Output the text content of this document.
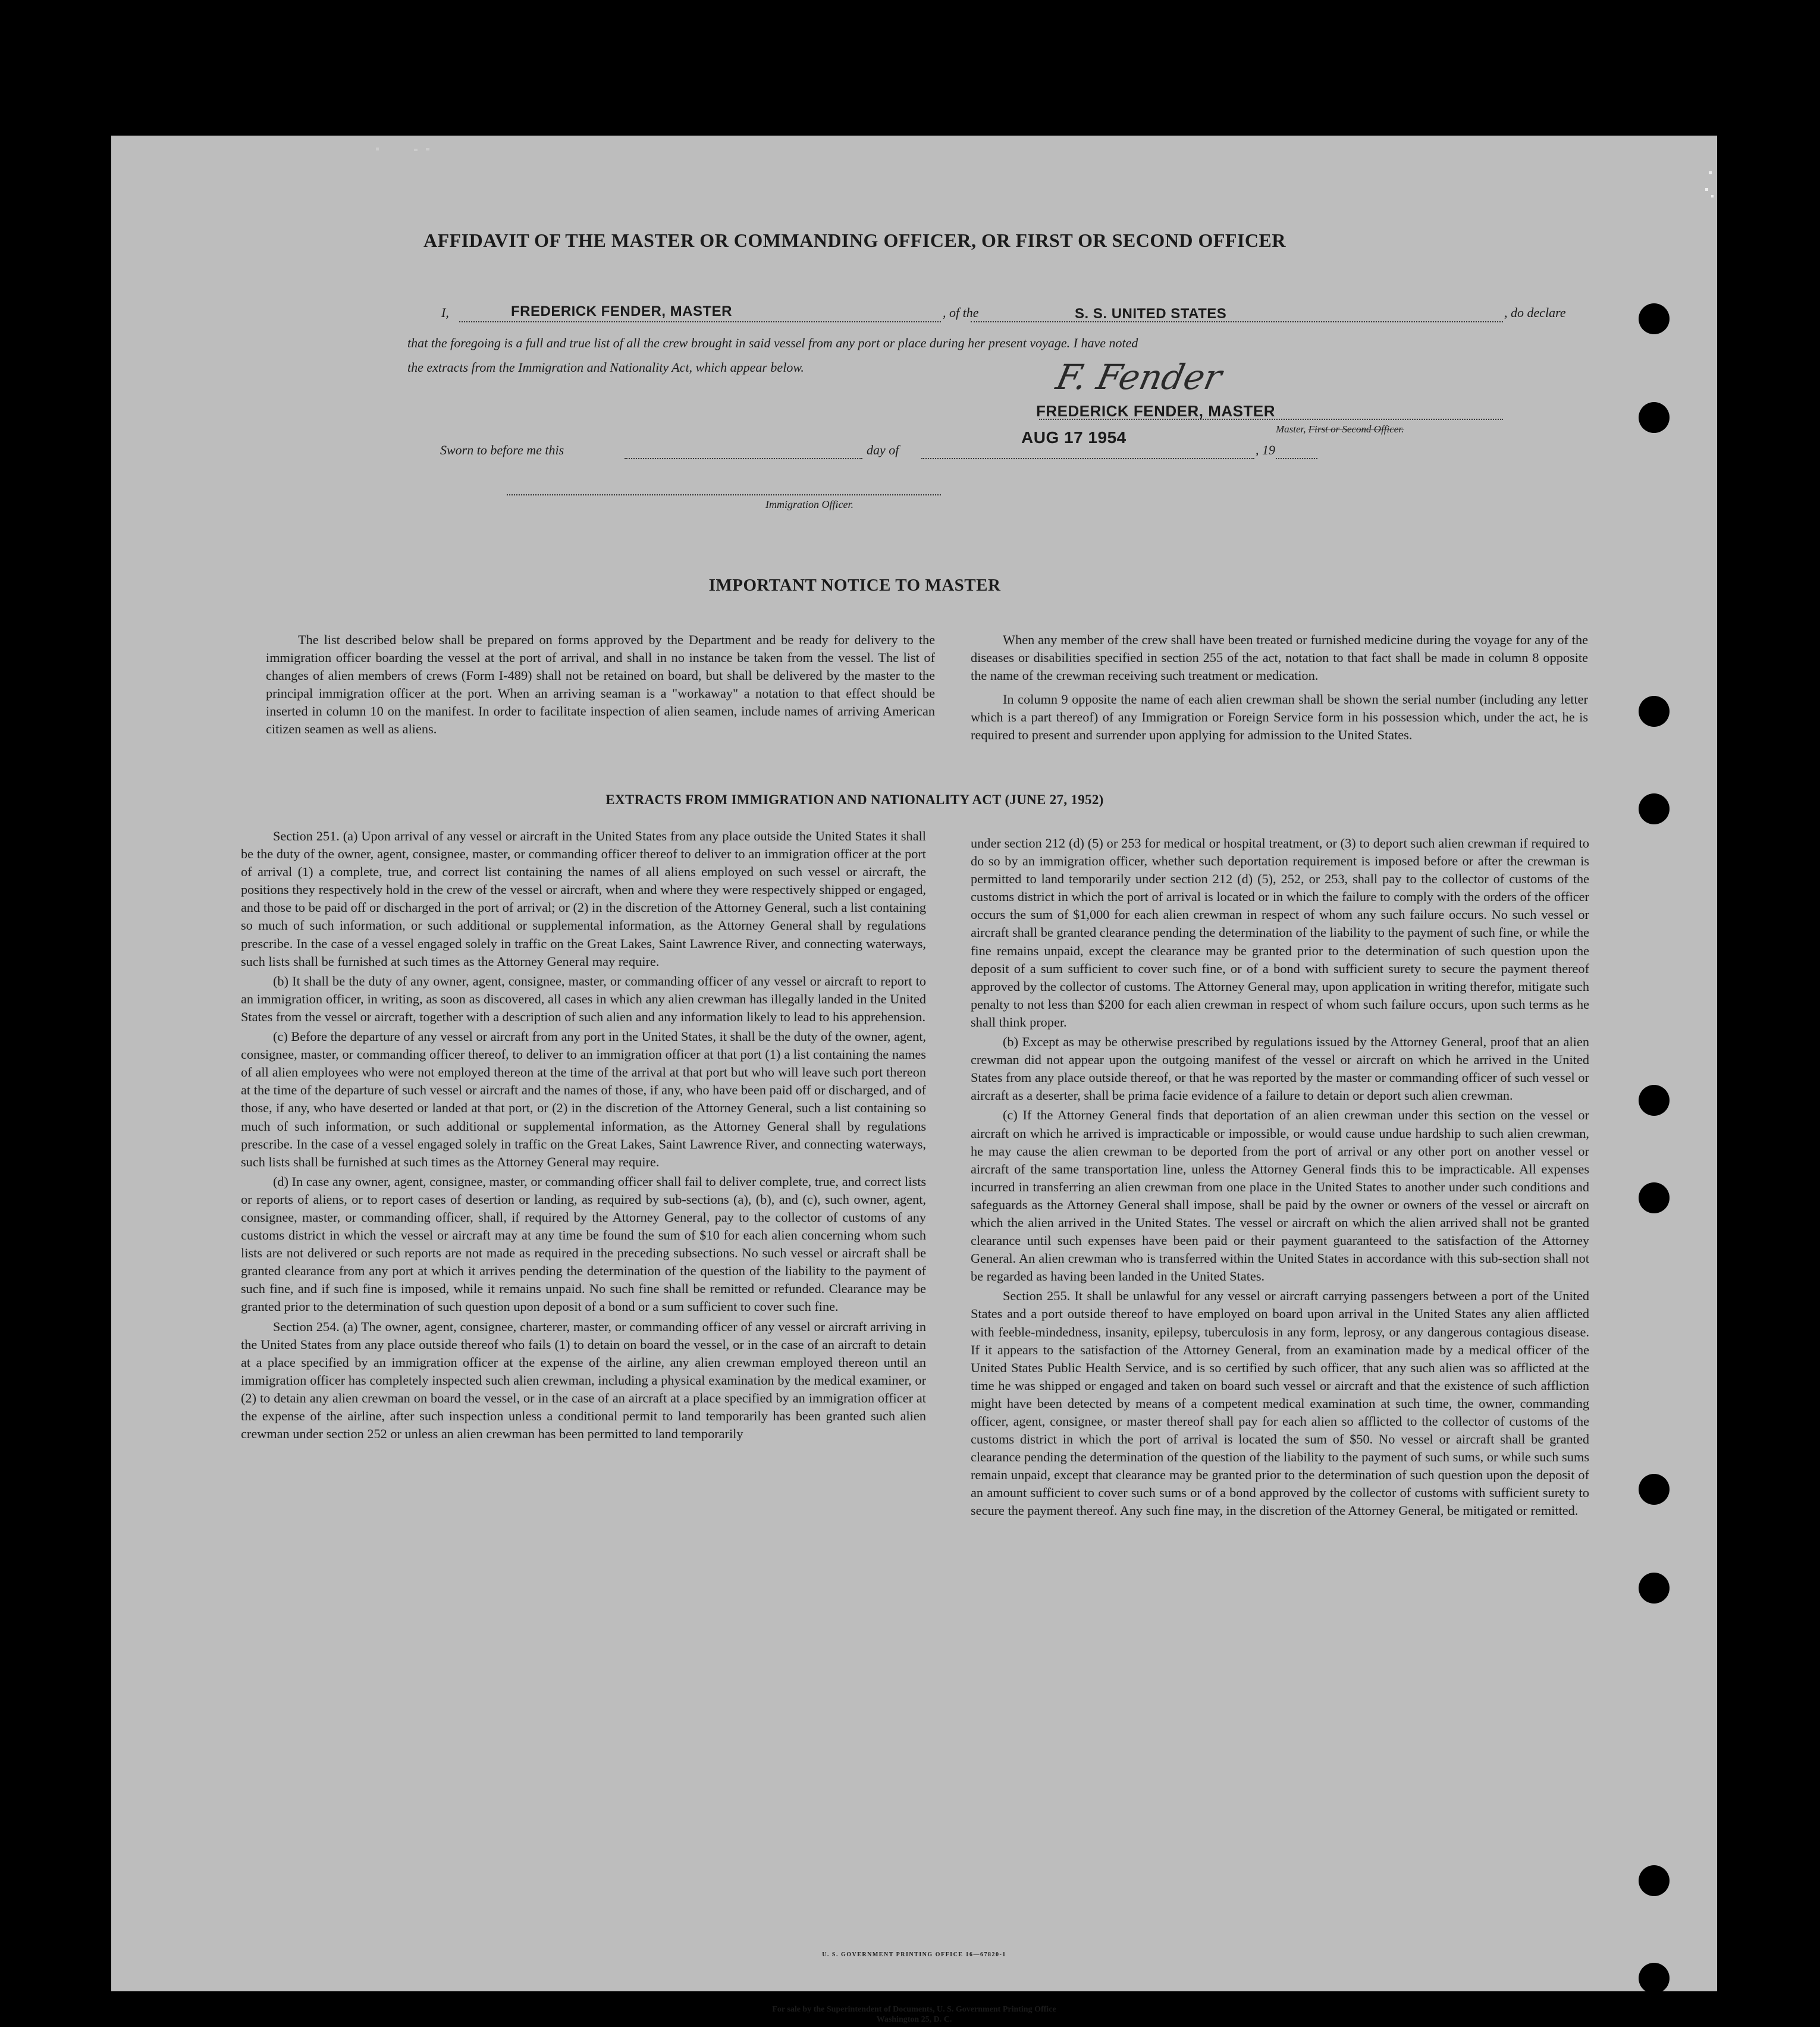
AFFIDAVIT OF THE MASTER OR COMMANDING OFFICER, OR FIRST OR SECOND OFFICER
I,	FREDERICK FENDER, MASTER	, of the	S. S. UNITED STATES	, do declare
that the foregoing is a full and true list of all the crew brought in said vessel from any port or place during her present voyage. I have noted
the extracts from the Immigration and Nationality Act, which appear below.	F. Fender
FREDERICK FENDER, MASTER
Master, First or Second Officer.
Sworn to before me this	day of
AUG 17 1954
, 19
Immigration Officer.
IMPORTANT NOTICE TO MASTER

The list described below shall be prepared on forms approved by the Department and be ready for delivery to the immigration officer boarding the vessel at the port of arrival, and shall in no instance be taken from the vessel. The list of changes of alien members of crews (Form I-489) shall not be retained on board, but shall be delivered by the master to the principal immigration officer at the port. When an arriving seaman is a "workaway" a notation to that effect should be inserted in column 10 on the manifest. In order to facilitate inspection of alien seamen, include names of arriving American citizen seamen as well as aliens.

When any member of the crew shall have been treated or furnished medicine during the voyage for any of the diseases or disabilities specified in section 255 of the act, notation to that fact shall be made in column 8 opposite the name of the crewman receiving such treatment or medication.

In column 9 opposite the name of each alien crewman shall be shown the serial number (including any letter which is a part thereof) of any Immigration or Foreign Service form in his possession which, under the act, he is required to present and surrender upon applying for admission to the United States.

EXTRACTS FROM IMMIGRATION AND NATIONALITY ACT (JUNE 27, 1952)

Section 251. (a) Upon arrival of any vessel or aircraft in the United States from any place outside the United States it shall be the duty of the owner, agent, consignee, master, or commanding officer thereof to deliver to an immigration officer at the port of arrival (1) a complete, true, and correct list containing the names of all aliens employed on such vessel or aircraft, the positions they respectively hold in the crew of the vessel or aircraft, when and where they were respectively shipped or engaged, and those to be paid off or discharged in the port of arrival; or (2) in the discretion of the Attorney General, such a list containing so much of such information, or such additional or supplemental information, as the Attorney General shall by regulations prescribe. In the case of a vessel engaged solely in traffic on the Great Lakes, Saint Lawrence River, and connecting waterways, such lists shall be furnished at such times as the Attorney General may require.

(b) It shall be the duty of any owner, agent, consignee, master, or commanding officer of any vessel or aircraft to report to an immigration officer, in writing, as soon as discovered, all cases in which any alien crewman has illegally landed in the United States from the vessel or aircraft, together with a description of such alien and any information likely to lead to his apprehension.

(c) Before the departure of any vessel or aircraft from any port in the United States, it shall be the duty of the owner, agent, consignee, master, or commanding officer thereof, to deliver to an immigration officer at that port (1) a list containing the names of all alien employees who were not employed thereon at the time of the arrival at that port but who will leave such port thereon at the time of the departure of such vessel or aircraft and the names of those, if any, who have been paid off or discharged, and of those, if any, who have deserted or landed at that port, or (2) in the discretion of the Attorney General, such a list containing so much of such information, or such additional or supplemental information, as the Attorney General shall by regulations prescribe. In the case of a vessel engaged solely in traffic on the Great Lakes, Saint Lawrence River, and connecting waterways, such lists shall be furnished at such times as the Attorney General may require.

(d) In case any owner, agent, consignee, master, or commanding officer shall fail to deliver complete, true, and correct lists or reports of aliens, or to report cases of desertion or landing, as required by sub-sections (a), (b), and (c), such owner, agent, consignee, master, or commanding officer, shall, if required by the Attorney General, pay to the collector of customs of any customs district in which the vessel or aircraft may at any time be found the sum of $10 for each alien concerning whom such lists are not delivered or such reports are not made as required in the preceding subsections. No such vessel or aircraft shall be granted clearance from any port at which it arrives pending the determination of the question of the liability to the payment of such fine, and if such fine is imposed, while it remains unpaid. No such fine shall be remitted or refunded. Clearance may be granted prior to the determination of such question upon deposit of a bond or a sum sufficient to cover such fine.

Section 254. (a) The owner, agent, consignee, charterer, master, or commanding officer of any vessel or aircraft arriving in the United States from any place outside thereof who fails (1) to detain on board the vessel, or in the case of an aircraft to detain at a place specified by an immigration officer at the expense of the airline, any alien crewman employed thereon until an immigration officer has completely inspected such alien crewman, including a physical examination by the medical examiner, or (2) to detain any alien crewman on board the vessel, or in the case of an aircraft at a place specified by an immigration officer at the expense of the airline, after such inspection unless a conditional permit to land temporarily has been granted such alien crewman under section 252 or unless an alien crewman has been permitted to land temporarily

under section 212 (d) (5) or 253 for medical or hospital treatment, or (3) to deport such alien crewman if required to do so by an immigration officer, whether such deportation requirement is imposed before or after the crewman is permitted to land temporarily under section 212 (d) (5), 252, or 253, shall pay to the collector of customs of the customs district in which the port of arrival is located or in which the failure to comply with the orders of the officer occurs the sum of $1,000 for each alien crewman in respect of whom any such failure occurs. No such vessel or aircraft shall be granted clearance pending the determination of the liability to the payment of such fine, or while the fine remains unpaid, except the clearance may be granted prior to the determination of such question upon the deposit of a sum sufficient to cover such fine, or of a bond with sufficient surety to secure the payment thereof approved by the collector of customs. The Attorney General may, upon application in writing therefor, mitigate such penalty to not less than $200 for each alien crewman in respect of whom such failure occurs, upon such terms as he shall think proper.

(b) Except as may be otherwise prescribed by regulations issued by the Attorney General, proof that an alien crewman did not appear upon the outgoing manifest of the vessel or aircraft on which he arrived in the United States from any place outside thereof, or that he was reported by the master or commanding officer of such vessel or aircraft as a deserter, shall be prima facie evidence of a failure to detain or deport such alien crewman.

(c) If the Attorney General finds that deportation of an alien crewman under this section on the vessel or aircraft on which he arrived is impracticable or impossible, or would cause undue hardship to such alien crewman, he may cause the alien crewman to be deported from the port of arrival or any other port on another vessel or aircraft of the same transportation line, unless the Attorney General finds this to be impracticable. All expenses incurred in transferring an alien crewman from one place in the United States to another under such conditions and safeguards as the Attorney General shall impose, shall be paid by the owner or owners of the vessel or aircraft on which the alien arrived in the United States. The vessel or aircraft on which the alien arrived shall not be granted clearance until such expenses have been paid or their payment guaranteed to the satisfaction of the Attorney General. An alien crewman who is transferred within the United States in accordance with this sub-section shall not be regarded as having been landed in the United States.

Section 255. It shall be unlawful for any vessel or aircraft carrying passengers between a port of the United States and a port outside thereof to have employed on board upon arrival in the United States any alien afflicted with feeble-mindedness, insanity, epilepsy, tuberculosis in any form, leprosy, or any dangerous contagious disease. If it appears to the satisfaction of the Attorney General, from an examination made by a medical officer of the United States Public Health Service, and is so certified by such officer, that any such alien was so afflicted at the time he was shipped or engaged and taken on board such vessel or aircraft and that the existence of such affliction might have been detected by means of a competent medical examination at such time, the owner, commanding officer, agent, consignee, or master thereof shall pay for each alien so afflicted to the collector of customs of the customs district in which the port of arrival is located the sum of $50. No vessel or aircraft shall be granted clearance pending the determination of the question of the liability to the payment of such sums, or while such sums remain unpaid, except that clearance may be granted prior to the determination of such question upon the deposit of an amount sufficient to cover such sums or of a bond approved by the collector of customs with sufficient surety to secure the payment thereof. Any such fine may, in the discretion of the Attorney General, be mitigated or remitted.

U. S. GOVERNMENT PRINTING OFFICE 16—67820-1
For sale by the Superintendent of Documents, U. S. Government Printing Office
Washington 25, D. C.
